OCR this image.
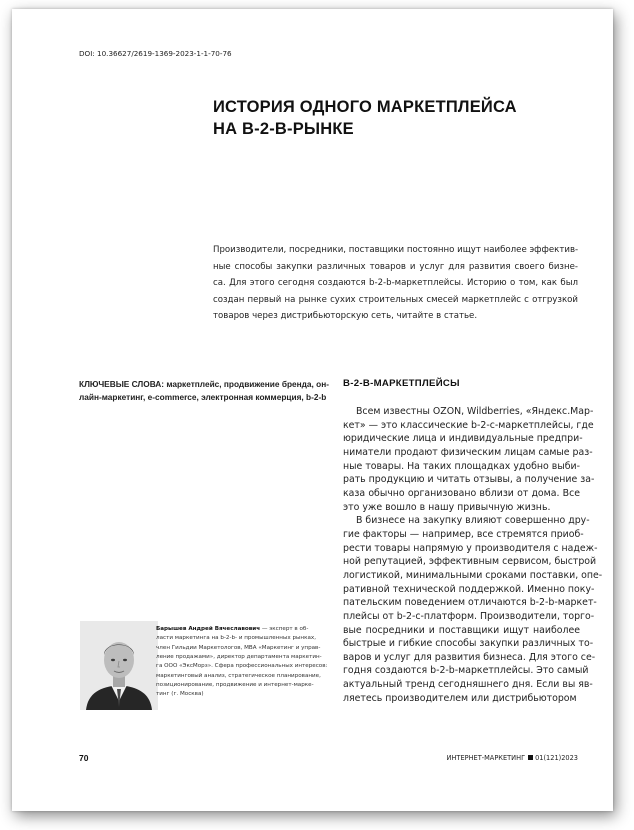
DOI: 10.36627/2619-1369-2023-1-1-70-76
ИСТОРИЯ ОДНОГО МАРКЕТПЛЕЙСА
НА B-2-B-РЫНКЕ
Производители, посредники, поставщики постоянно ищут наиболее эффектив-
ные способы закупки различных товаров и услуг для развития своего бизне-
са. Для этого сегодня создаются b-2-b-маркетплейсы. Историю о том, как был
создан первый на рынке сухих строительных смесей маркетплейс с отгрузкой
товаров через дистрибьюторскую сеть, читайте в статье.
КЛЮЧЕВЫЕ СЛОВА: маркетплейс, продвижение бренда, он-
лайн-маркетинг, e-commerce, электронная коммерция, b-2-b
B-2-B-МАРКЕТПЛЕЙСЫ
Всем известны OZON, Wildberries, «Яндекс.Мар-
кет» — это классические b-2-c-маркетплейсы, где
юридические лица и индивидуальные предпри-
ниматели продают физическим лицам самые раз-
ные товары. На таких площадках удобно выби-
рать продукцию и читать отзывы, а получение за-
каза обычно организовано вблизи от дома. Все
это уже вошло в нашу привычную жизнь.
В бизнесе на закупку влияют совершенно дру-
гие факторы — например, все стремятся приоб-
рести товары напрямую у производителя с надеж-
ной репутацией, эффективным сервисом, быстрой
логистикой, минимальными сроками поставки, опе-
ративной технической поддержкой. Именно поку-
пательским поведением отличаются b-2-b-маркет-
плейсы от b-2-c-платформ. Производители, торго-
вые посредники и поставщики ищут наиболее
быстрые и гибкие способы закупки различных то-
варов и услуг для развития бизнеса. Для этого се-
годня создаются b-2-b-маркетплейсы. Это самый
актуальный тренд сегодняшнего дня. Если вы яв-
ляетесь производителем или дистрибьютором
Барышев Андрей Вячеславович — эксперт в об-
ласти маркетинга на b-2-b- и промышленных рынках,
член Гильдии Маркетологов, MBA «Маркетинг и управ-
ление продажами», директор департамента маркетин-
га ООО «ЭксМорз». Сфера профессиональных интересов:
маркетинговый анализ, стратегическое планирование,
позиционирование, продвижение и интернет-марке-
тинг (г. Москва)
70	ИНТЕРНЕТ-МАРКЕТИНГ 01(121)2023
